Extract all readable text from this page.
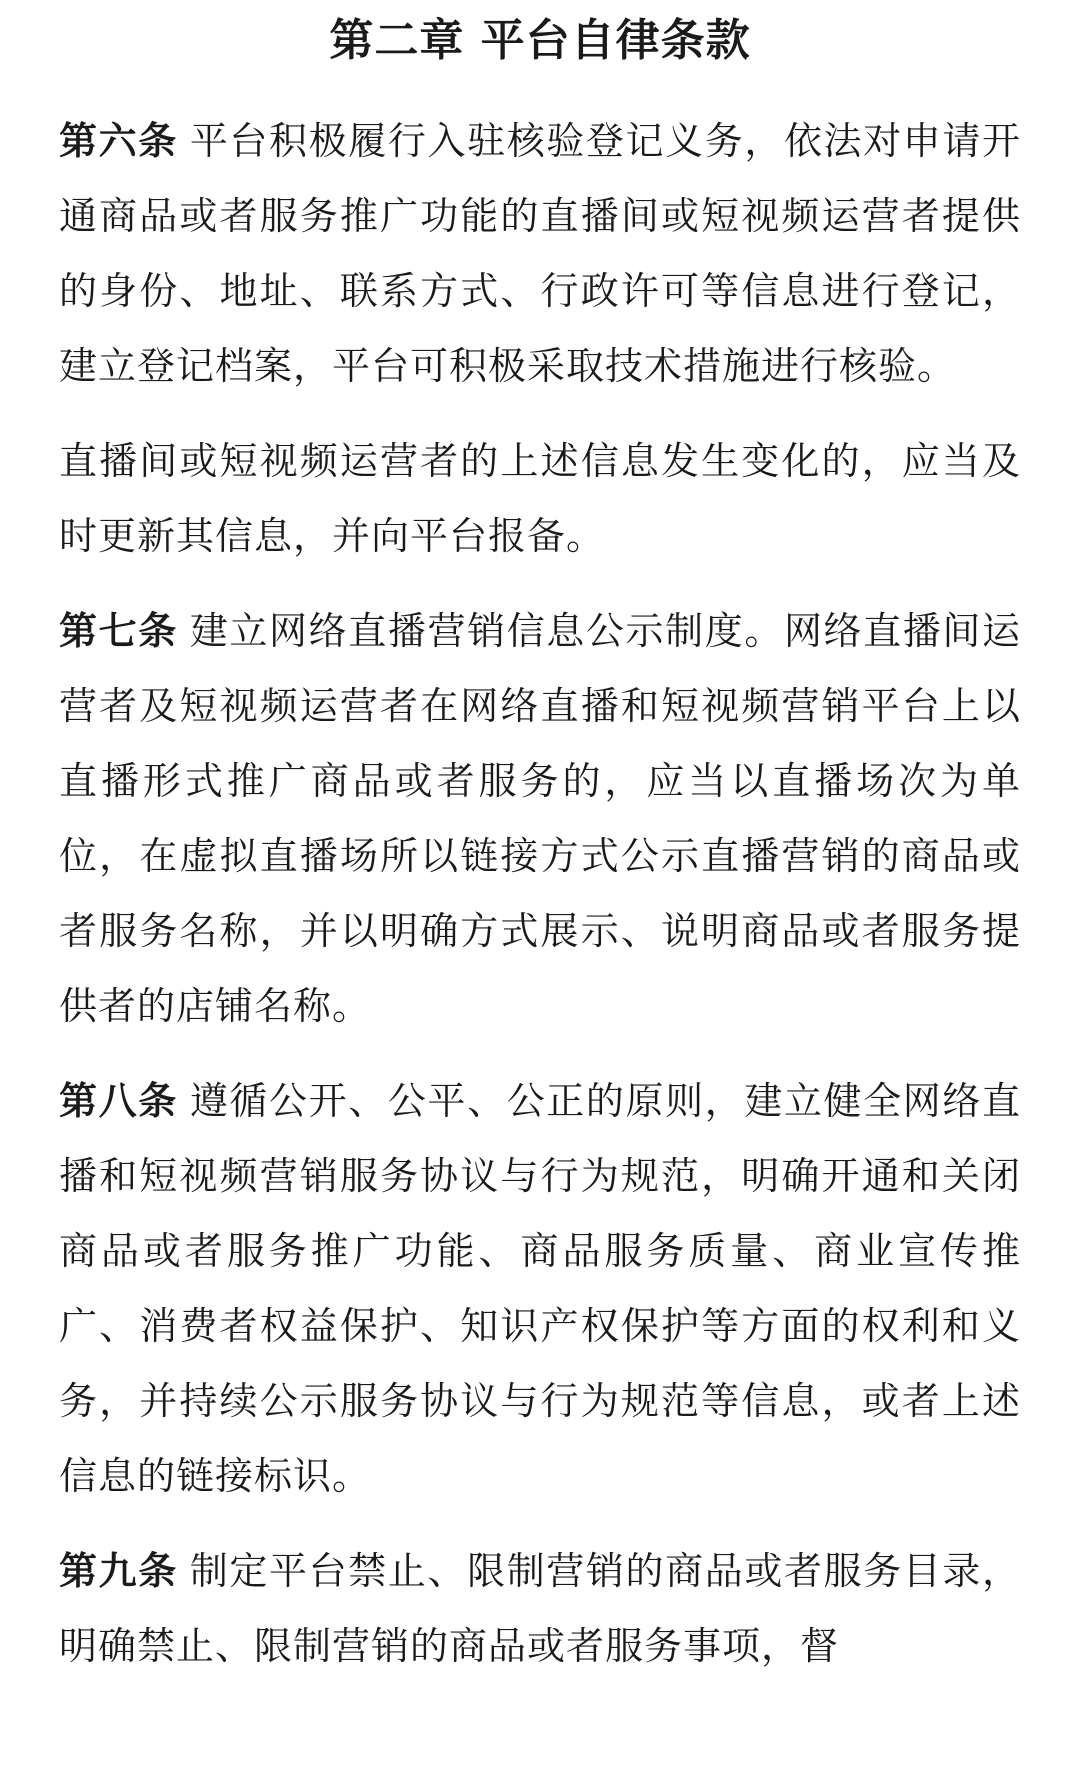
第二章 平台自律条款

第六条 平台积极履行入驻核验登记义务，依法对申请开通商品或者服务推广功能的直播间或短视频运营者提供的身份、地址、联系方式、行政许可等信息进行登记，建立登记档案，平台可积极采取技术措施进行核验。

直播间或短视频运营者的上述信息发生变化的，应当及时更新其信息，并向平台报备。

第七条 建立网络直播营销信息公示制度。网络直播间运营者及短视频运营者在网络直播和短视频营销平台上以直播形式推广商品或者服务的，应当以直播场次为单位，在虚拟直播场所以链接方式公示直播营销的商品或者服务名称，并以明确方式展示、说明商品或者服务提供者的店铺名称。

第八条 遵循公开、公平、公正的原则，建立健全网络直播和短视频营销服务协议与行为规范，明确开通和关闭商品或者服务推广功能、商品服务质量、商业宣传推广、消费者权益保护、知识产权保护等方面的权利和义务，并持续公示服务协议与行为规范等信息，或者上述信息的链接标识。

第九条 制定平台禁止、限制营销的商品或者服务目录，明确禁止、限制营销的商品或者服务事项，督
